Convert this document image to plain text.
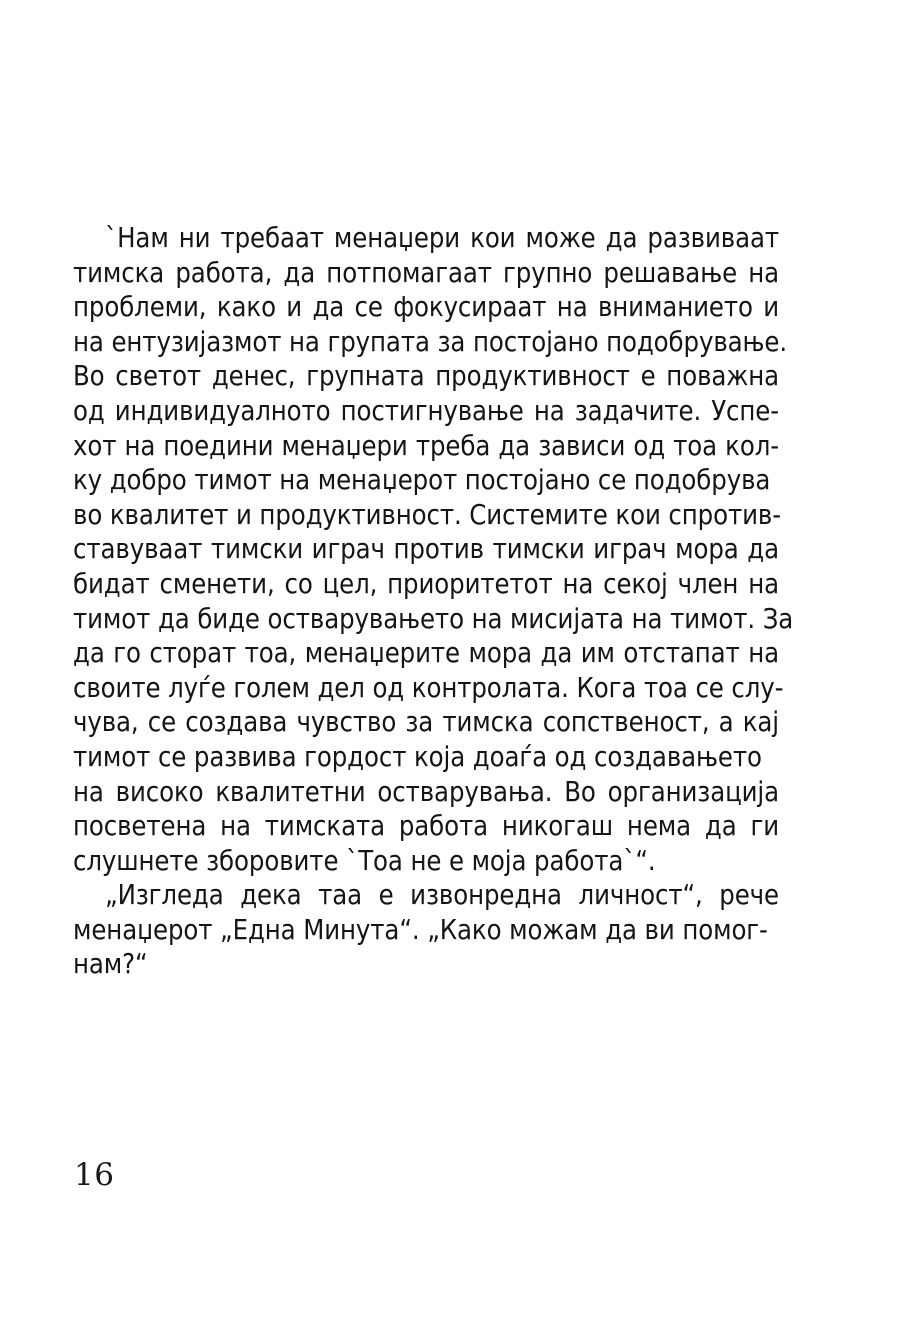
`Нам ни требаат менаџери кои може да развиваат
тимска работа, да потпомагаат групно решавање на
проблеми, како и да се фокусираат на вниманието и
на ентузијазмот на групата за постојано подобрување.
Во светот денес, групната продуктивност е поважна
од индивидуалното постигнување на задачите. Успе-
хот на поедини менаџери треба да зависи од тоа кол-
ку добро тимот на менаџерот постојано се подобрува
во квалитет и продуктивност. Системите кои спротив-
ставуваат тимски играч против тимски играч мора да
бидат сменети, со цел, приоритетот на секој член на
тимот да биде остварувањето на мисијата на тимот. За
да го сторат тоа, менаџерите мора да им отстапат на
своите луѓе голем дел од контролата. Кога тоа се слу-
чува, се создава чувство за тимска сопственост, а кај
тимот се развива гордост која доаѓа од создавањето
на високо квалитетни остварувања. Во организација
посветена на тимската работа никогаш нема да ги
слушнете зборовите `Тоа не е моја работа`“.

„Изгледа дека таа е извонредна личност“, рече
менаџерот „Една Минута“. „Како можам да ви помог-
нам?“

16
